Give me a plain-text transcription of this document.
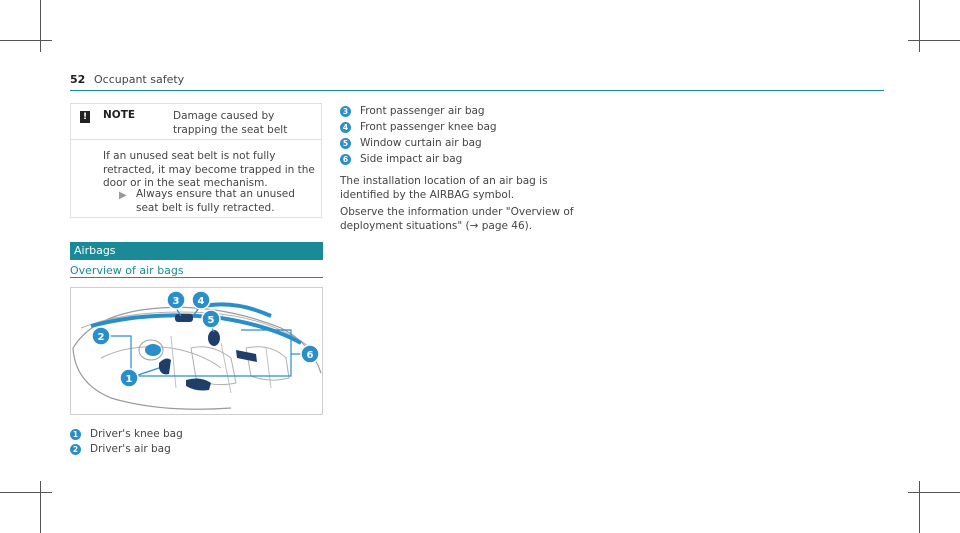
52 Occupant safety
! NOTE	Damage caused by trapping the seat belt
If an unused seat belt is not fully retracted, it may become trapped in the door or in the seat mechanism.
▶ Always ensure that an unused seat belt is fully retracted.
Airbags
Overview of air bags
3 4
5
2
6
1
1 Driver's knee bag
2 Driver's air bag
3 Front passenger air bag
4 Front passenger knee bag
5 Window curtain air bag
6 Side impact air bag
The installation location of an air bag is identified by the AIRBAG symbol.
Observe the information under "Overview of deployment situations" (→ page 46).
